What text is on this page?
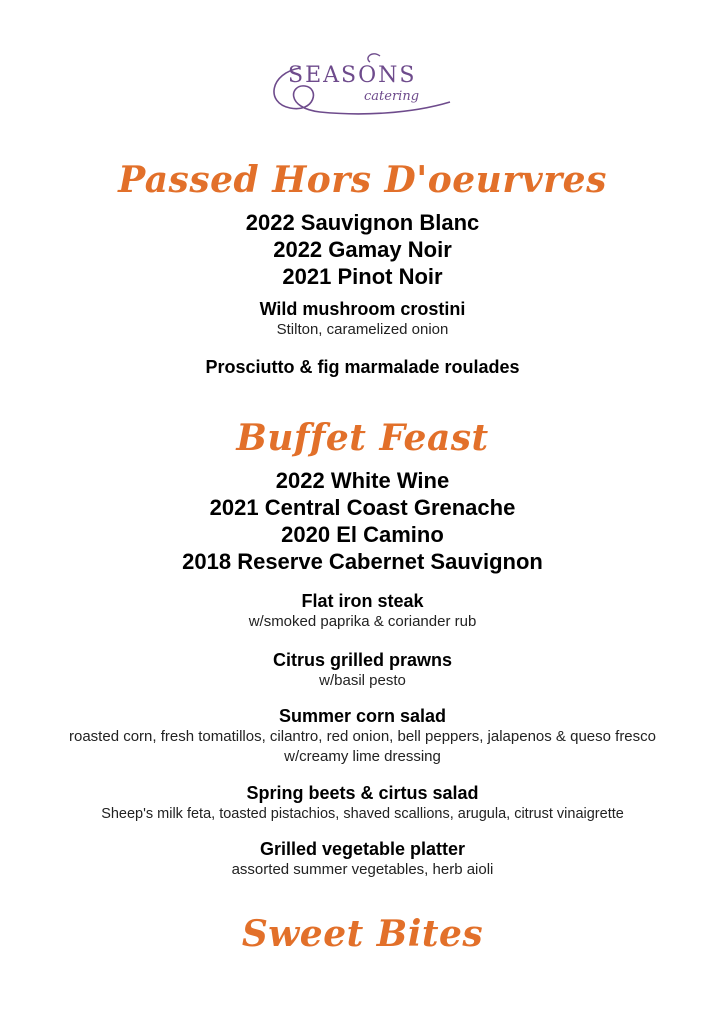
SEASONS
catering
Passed Hors D'oeurvres
2022 Sauvignon Blanc
2022 Gamay Noir
2021 Pinot Noir
Wild mushroom crostini
Stilton, caramelized onion
Prosciutto & fig marmalade roulades
Buffet Feast
2022 White Wine
2021 Central Coast Grenache
2020 El Camino
2018 Reserve Cabernet Sauvignon
Flat iron steak
w/smoked paprika & coriander rub
Citrus grilled prawns
w/basil pesto
Summer corn salad
roasted corn, fresh tomatillos, cilantro, red onion, bell peppers, jalapenos & queso fresco w/creamy lime dressing
Spring beets & cirtus salad
Sheep's milk feta, toasted pistachios, shaved scallions, arugula, citrust vinaigrette
Grilled vegetable platter
assorted summer vegetables, herb aioli
Sweet Bites
